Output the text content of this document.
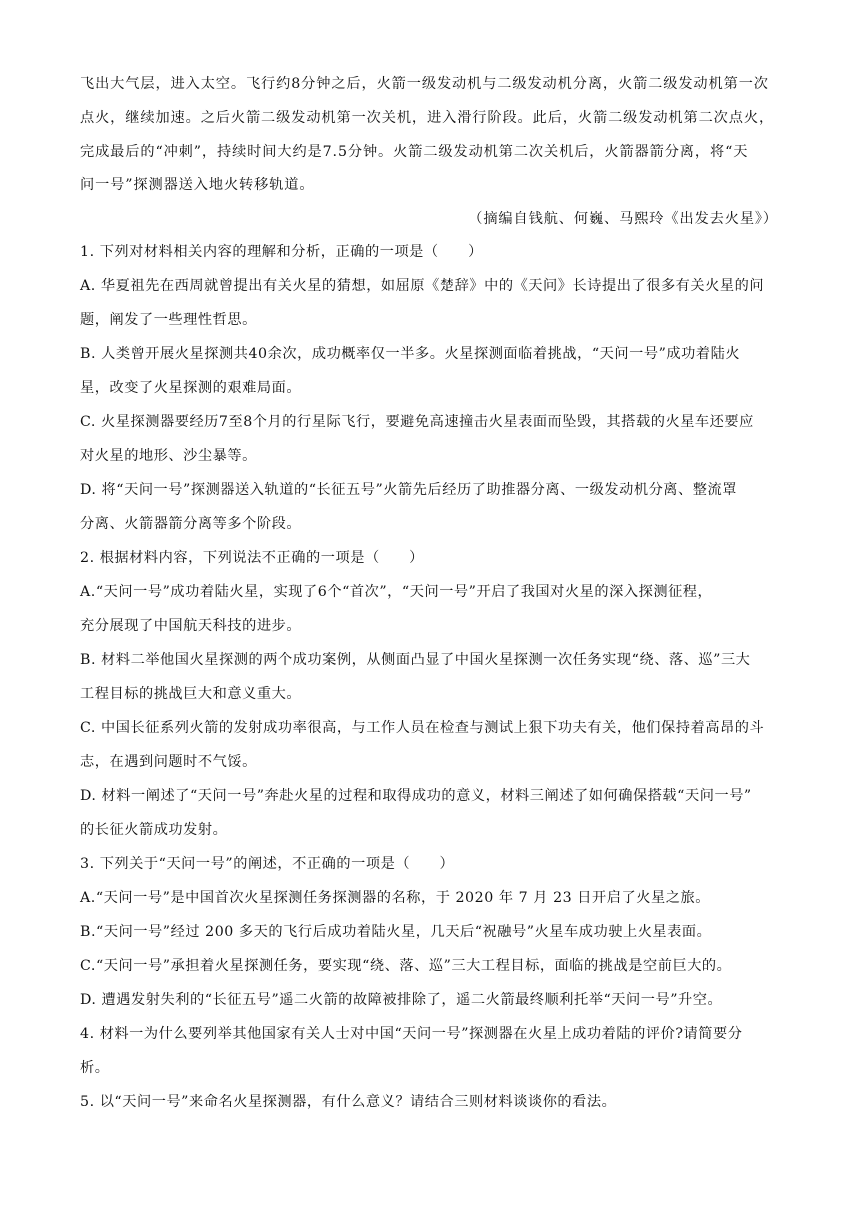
飞出大气层，进入太空。飞行约8分钟之后，火箭一级发动机与二级发动机分离，火箭二级发动机第一次
点火，继续加速。之后火箭二级发动机第一次关机，进入滑行阶段。此后，火箭二级发动机第二次点火，
完成最后的“冲刺”，持续时间大约是7.5分钟。火箭二级发动机第二次关机后，火箭器箭分离，将“天
问一号”探测器送入地火转移轨道。
（摘编自钱航、何巍、马熙玲《出发去火星》）
1. 下列对材料相关内容的理解和分析，正确的一项是（　　）
A. 华夏祖先在西周就曾提出有关火星的猜想，如屈原《楚辞》中的《天问》长诗提出了很多有关火星的问
题，阐发了一些理性哲思。
B. 人类曾开展火星探测共40余次，成功概率仅一半多。火星探测面临着挑战，“天问一号”成功着陆火
星，改变了火星探测的艰难局面。
C. 火星探测器要经历7至8个月的行星际飞行，要避免高速撞击火星表面而坠毁，其搭载的火星车还要应
对火星的地形、沙尘暴等。
D. 将“天问一号”探测器送入轨道的“长征五号”火箭先后经历了助推器分离、一级发动机分离、整流罩
分离、火箭器箭分离等多个阶段。
2. 根据材料内容，下列说法不正确的一项是（　　）
A.“天问一号”成功着陆火星，实现了6个“首次”，“天问一号”开启了我国对火星的深入探测征程，
充分展现了中国航天科技的进步。
B. 材料二举他国火星探测的两个成功案例，从侧面凸显了中国火星探测一次任务实现“绕、落、巡”三大
工程目标的挑战巨大和意义重大。
C. 中国长征系列火箭的发射成功率很高，与工作人员在检查与测试上狠下功夫有关，他们保持着高昂的斗
志，在遇到问题时不气馁。
D. 材料一阐述了“天问一号”奔赴火星的过程和取得成功的意义，材料三阐述了如何确保搭载“天问一号”
的长征火箭成功发射。
3. 下列关于“天问一号”的阐述，不正确的一项是（　　）
A.“天问一号”是中国首次火星探测任务探测器的名称，于 2020 年 7 月 23 日开启了火星之旅。
B.“天问一号”经过 200 多天的飞行后成功着陆火星，几天后“祝融号”火星车成功驶上火星表面。
C.“天问一号”承担着火星探测任务，要实现“绕、落、巡”三大工程目标，面临的挑战是空前巨大的。
D. 遭遇发射失利的“长征五号”遥二火箭的故障被排除了，遥二火箭最终顺利托举“天问一号”升空。
4. 材料一为什么要列举其他国家有关人士对中国“天问一号”探测器在火星上成功着陆的评价?请简要分
析。
5. 以“天问一号”来命名火星探测器，有什么意义？请结合三则材料谈谈你的看法。
